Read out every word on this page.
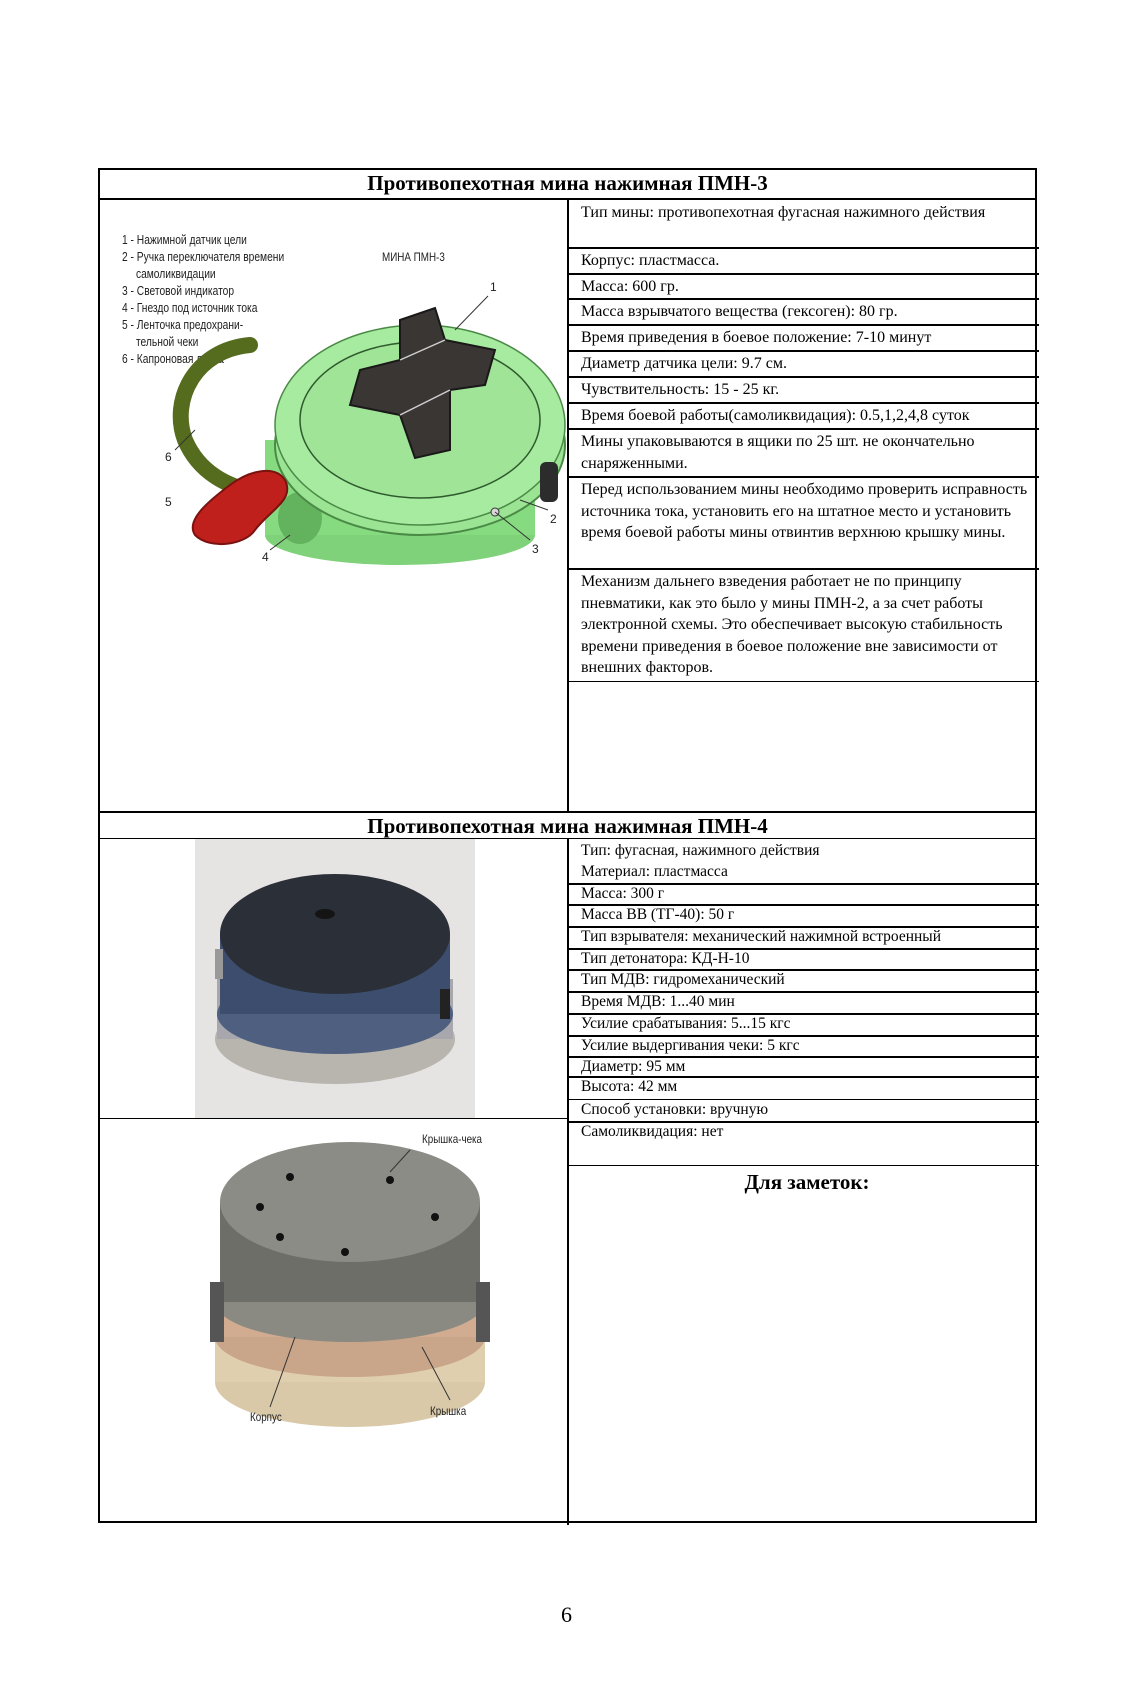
Противопехотная мина нажимная ПМН-3
1 - Нажимной датчик цели
2 - Ручка переключателя времени
самоликвидации
3 - Световой индикатор
4 - Гнездо под источник тока
5 - Ленточка предохрани-
тельной чеки
6 - Капроновая лента
МИНА ПМН-3
1
2
3
4
5
6
Тип мины: противопехотная фугасная нажимного действия
Корпус: пластмасса.
Масса: 600 гр.
Масса взрывчатого вещества (гексоген): 80 гр.
Время приведения в боевое положение: 7-10 минут
Диаметр датчика цели: 9.7 см.
Чувствительность: 15 - 25 кг.
Время боевой работы(самоликвидация): 0.5,1,2,4,8 суток
Мины упаковываются в ящики по 25 шт. не окончательно снаряженными.
Перед использованием мины необходимо проверить исправность источника тока, установить его на штатное место и установить время боевой работы мины отвинтив верхнюю крышку мины.
Механизм дальнего взведения работает не по принципу пневматики, как это было у мины ПМН-2, а за счет работы электронной схемы. Это обеспечивает высокую стабильность времени приведения в боевое положение вне зависимости от внешних факторов.
Противопехотная мина нажимная ПМН-4
Крышка-чека
Корпус	Крышка
Тип: фугасная, нажимного действия
Материал: пластмасса
Масса: 300 г
Масса ВВ (ТГ-40): 50 г
Тип взрывателя: механический нажимной встроенный
Тип детонатора: КД-Н-10
Тип МДВ: гидромеханический
Время МДВ: 1...40 мин
Усилие срабатывания: 5...15 кгс
Усилие выдергивания чеки: 5 кгс
Диаметр: 95 мм
Высота: 42 мм
Способ установки: вручную
Самоликвидация: нет
Для заметок:
6
